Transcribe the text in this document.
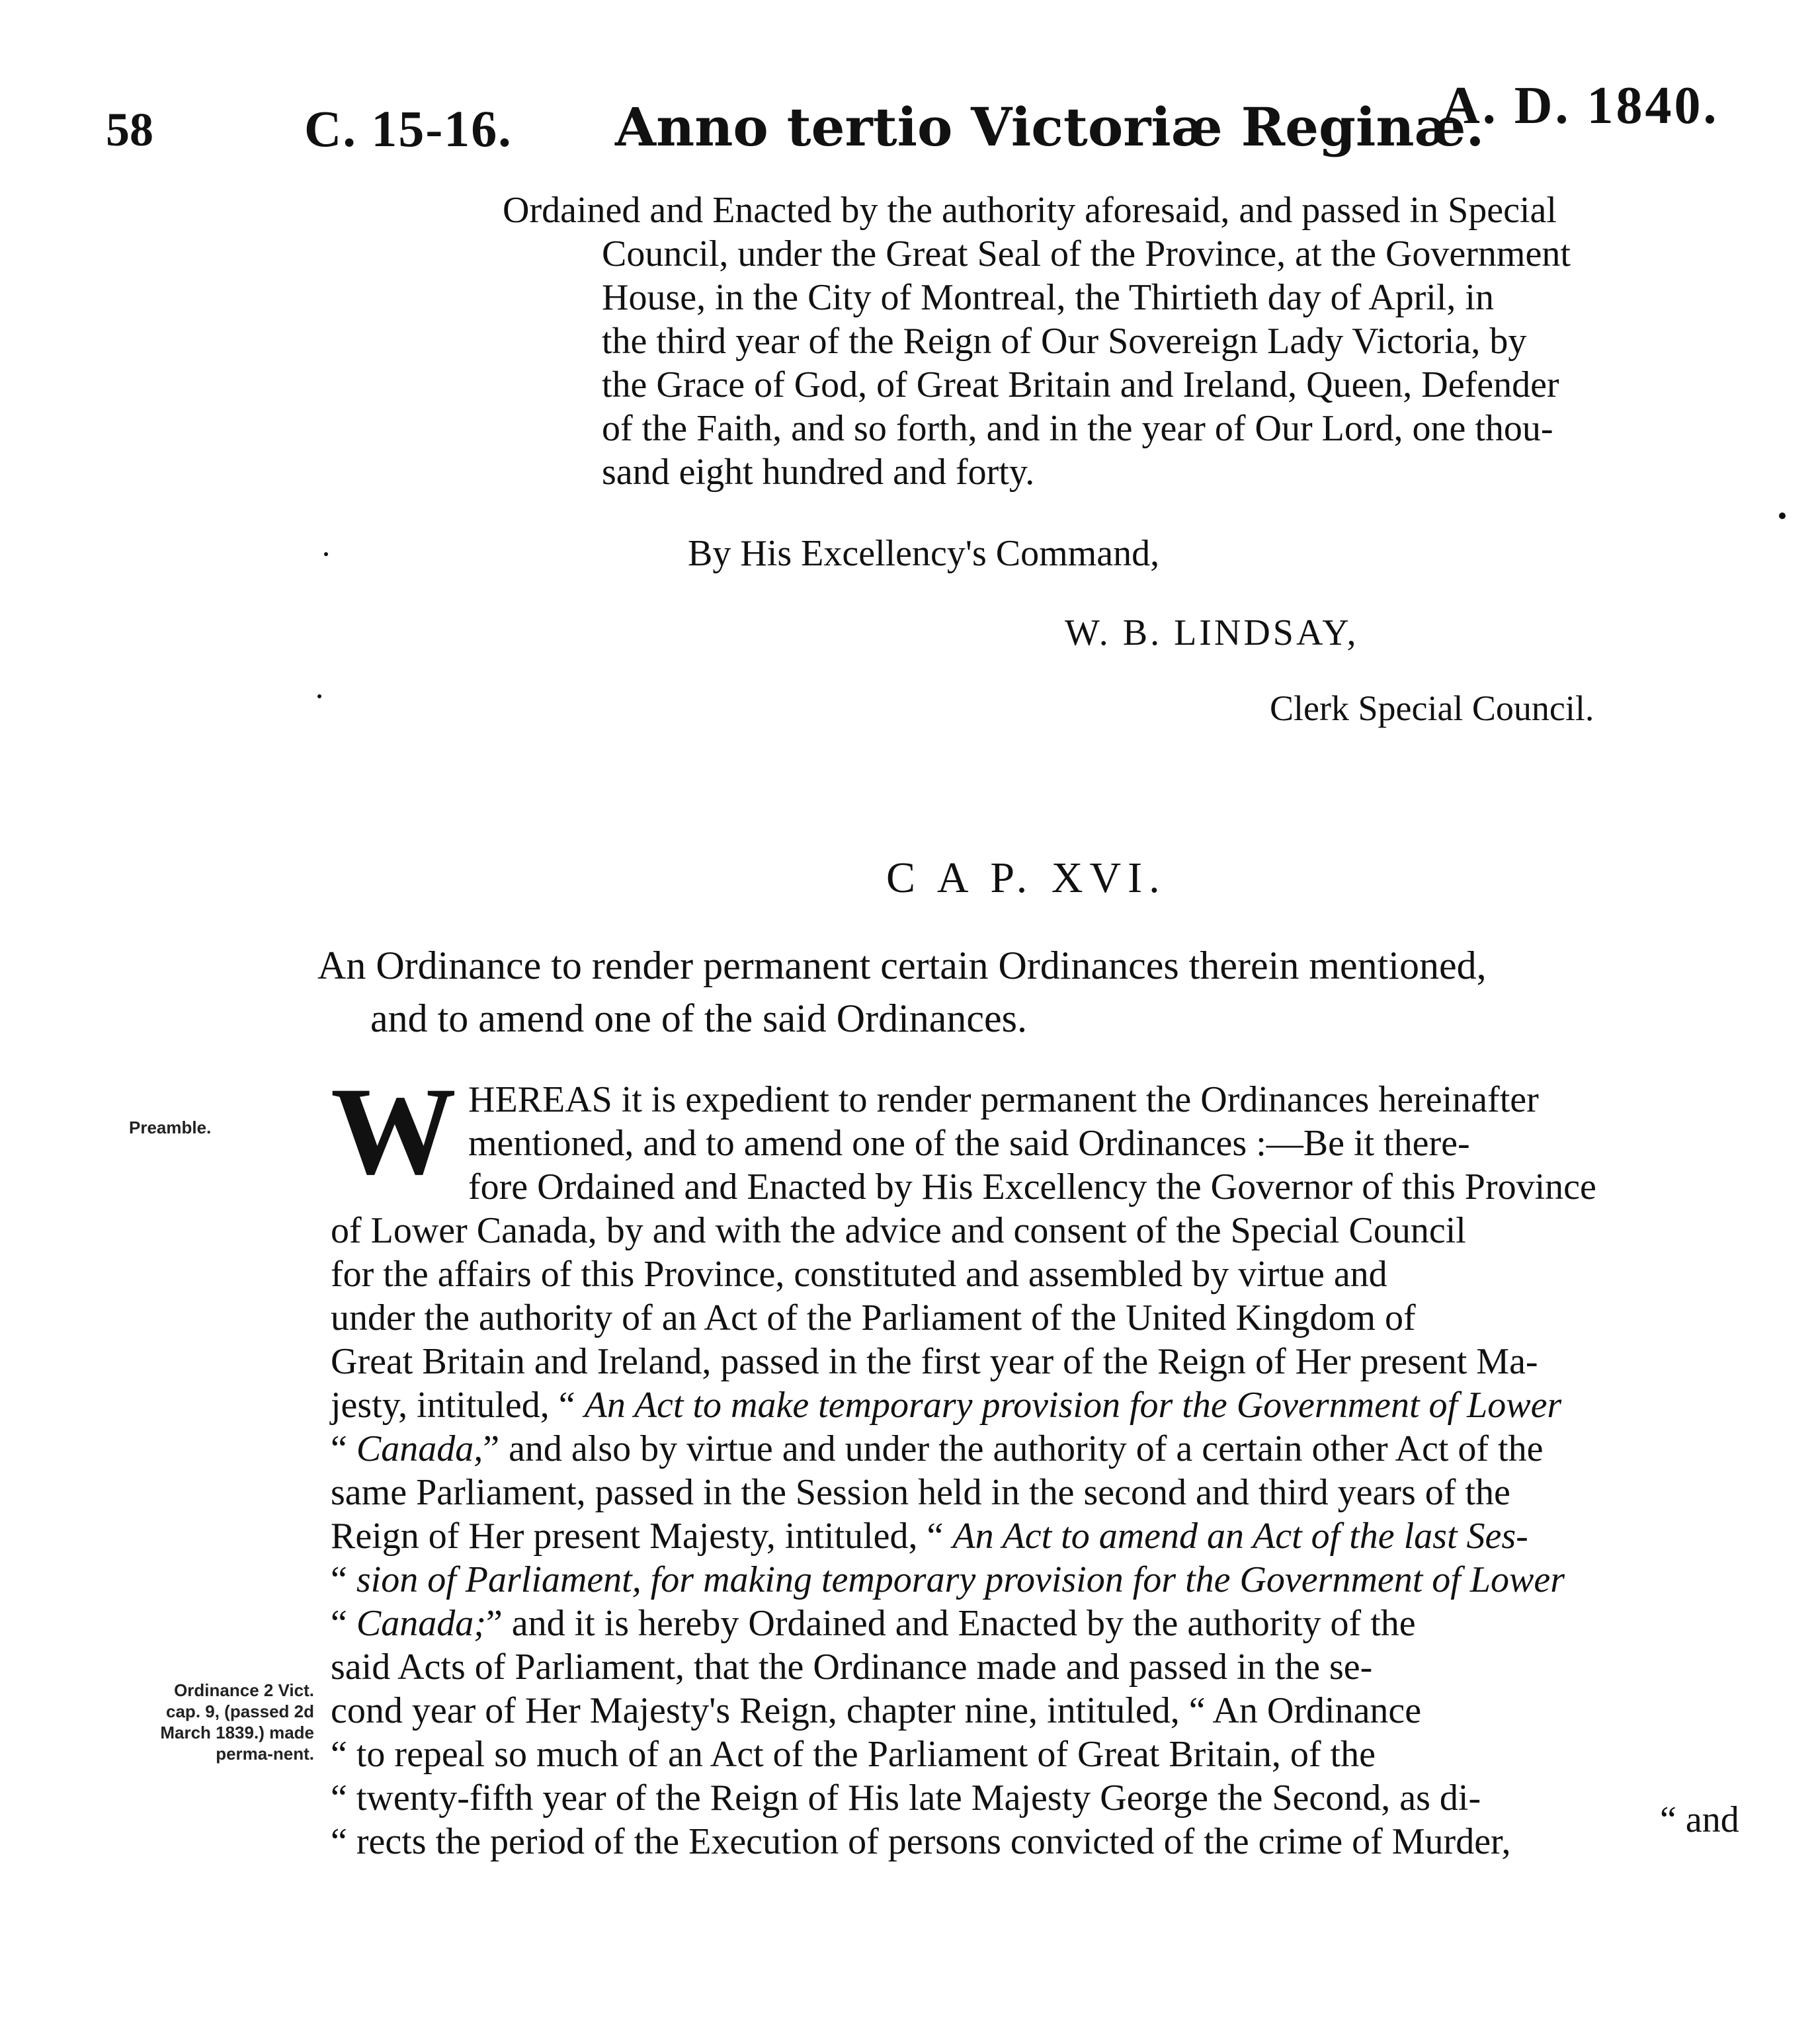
58	C. 15-16. Anno tertio Victoriæ Reginæ.
A. D. 1840.
Ordained and Enacted by the authority aforesaid, and passed in Special
Council, under the Great Seal of the Province, at the Government
House, in the City of Montreal, the Thirtieth day of April, in
the third year of the Reign of Our Sovereign Lady Victoria, by
the Grace of God, of Great Britain and Ireland, Queen, Defender
of the Faith, and so forth, and in the year of Our Lord, one thou-
sand eight hundred and forty.
By His Excellency's Command,
W. B. LINDSAY,
Clerk Special Council.
C A P. XVI.
An Ordinance to render permanent certain Ordinances therein mentioned,
and to amend one of the said Ordinances.
Preamble.
Ordinance 2 Vict. cap. 9, (passed 2d March 1839.) made perma-nent.
W HEREAS it is expedient to render permanent the Ordinances hereinafter
mentioned, and to amend one of the said Ordinances :—Be it there-
fore Ordained and Enacted by His Excellency the Governor of this Province
of Lower Canada, by and with the advice and consent of the Special Council
for the affairs of this Province, constituted and assembled by virtue and
under the authority of an Act of the Parliament of the United Kingdom of
Great Britain and Ireland, passed in the first year of the Reign of Her present Ma-
jesty, intituled, “ An Act to make temporary provision for the Government of Lower
“ Canada,” and also by virtue and under the authority of a certain other Act of the
same Parliament, passed in the Session held in the second and third years of the
Reign of Her present Majesty, intituled, “ An Act to amend an Act of the last Ses-
“ sion of Parliament, for making temporary provision for the Government of Lower
“ Canada;” and it is hereby Ordained and Enacted by the authority of the
said Acts of Parliament, that the Ordinance made and passed in the se-
cond year of Her Majesty's Reign, chapter nine, intituled, “ An Ordinance
“ to repeal so much of an Act of the Parliament of Great Britain, of the
“ twenty-fifth year of the Reign of His late Majesty George the Second, as di-
“ rects the period of the Execution of persons convicted of the crime of Murder,
“ and
